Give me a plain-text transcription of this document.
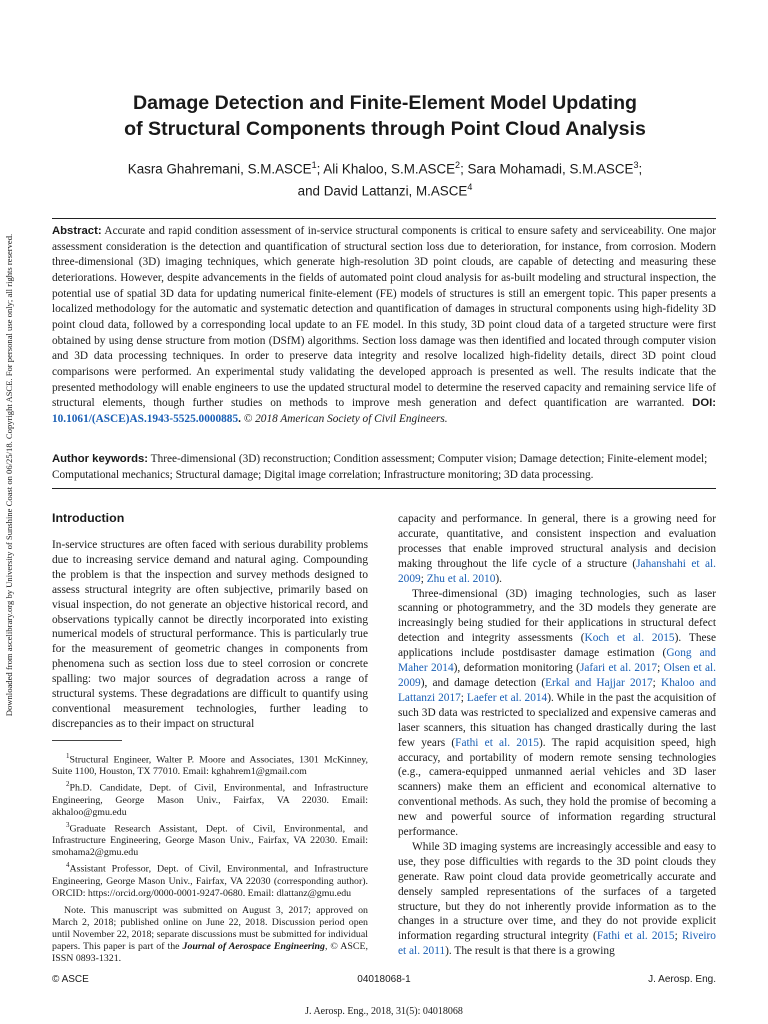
Downloaded from ascelibrary.org by University of Sunshine Coast on 06/25/18. Copyright ASCE. For personal use only; all rights reserved.
Damage Detection and Finite-Element Model Updating
of Structural Components through Point Cloud Analysis
Kasra Ghahremani, S.M.ASCE$^1$; Ali Khaloo, S.M.ASCE$^2$; Sara Mohamadi, S.M.ASCE$^3$;
and David Lattanzi, M.ASCE$^4$
Abstract: Accurate and rapid condition assessment of in-service structural components is critical to ensure safety and serviceability. One major assessment consideration is the detection and quantification of structural section loss due to deterioration, for instance, from corrosion. Modern three-dimensional (3D) imaging techniques, which generate high-resolution 3D point clouds, are capable of detecting and measuring these deteriorations. However, despite advancements in the fields of automated point cloud analysis for as-built modeling and structural inspection, the potential use of spatial 3D data for updating numerical finite-element (FE) models of structures is still an emergent topic. This paper presents a localized methodology for the automatic and systematic detection and quantification of damages in structural components using high-fidelity 3D point cloud data, followed by a corresponding local update to an FE model. In this study, 3D point cloud data of a targeted structure were first obtained by using dense structure from motion (DSfM) algorithms. Section loss damage was then identified and located through computer vision and 3D data processing techniques. In order to preserve data integrity and resolve localized high-fidelity details, direct 3D point cloud comparisons were performed. An experimental study validating the developed approach is presented as well. The results indicate that the presented methodology will enable engineers to use the updated structural model to determine the reserved capacity and remaining service life of structural elements, though further studies on methods to improve mesh generation and defect quantification are warranted. DOI: 10.1061/(ASCE)AS.1943-5525.0000885. © 2018 American Society of Civil Engineers.
Author keywords: Three-dimensional (3D) reconstruction; Condition assessment; Computer vision; Damage detection; Finite-element model; Computational mechanics; Structural damage; Digital image correlation; Infrastructure monitoring; 3D data processing.
Introduction

In-service structures are often faced with serious durability problems due to increasing service demand and natural aging. Compounding the problem is that the inspection and survey methods designed to assess structural integrity are often subjective, primarily based on visual inspection, do not generate an objective historical record, and observations typically cannot be directly incorporated into existing numerical models of structural performance. This is particularly true for the measurement of geometric changes in components from phenomena such as section loss due to steel corrosion or concrete spalling: two major sources of degradation across a range of structural systems. These degradations are difficult to quantify using conventional measurement technologies, further leading to discrepancies as to their impact on structural

$^1$Structural Engineer, Walter P. Moore and Associates, 1301 McKinney, Suite 1100, Houston, TX 77010. Email: kghahrem1@gmail.com

$^2$Ph.D. Candidate, Dept. of Civil, Environmental, and Infrastructure Engineering, George Mason Univ., Fairfax, VA 22030. Email: akhaloo@gmu.edu

$^3$Graduate Research Assistant, Dept. of Civil, Environmental, and Infrastructure Engineering, George Mason Univ., Fairfax, VA 22030. Email: smohama2@gmu.edu

$^4$Assistant Professor, Dept. of Civil, Environmental, and Infrastructure Engineering, George Mason Univ., Fairfax, VA 22030 (corresponding author). ORCID: https://orcid.org/0000-0001-9247-0680. Email: dlattanz@gmu.edu

Note. This manuscript was submitted on August 3, 2017; approved on March 2, 2018; published online on June 22, 2018. Discussion period open until November 22, 2018; separate discussions must be submitted for individual papers. This paper is part of the Journal of Aerospace Engineering, © ASCE, ISSN 0893-1321.

capacity and performance. In general, there is a growing need for accurate, quantitative, and consistent inspection and evaluation processes that enable improved structural analysis and decision making throughout the life cycle of a structure (Jahanshahi et al. 2009; Zhu et al. 2010).

Three-dimensional (3D) imaging technologies, such as laser scanning or photogrammetry, and the 3D models they generate are increasingly being studied for their applications in structural defect detection and integrity assessments (Koch et al. 2015). These applications include postdisaster damage estimation (Gong and Maher 2014), deformation monitoring (Jafari et al. 2017; Olsen et al. 2009), and damage detection (Erkal and Hajjar 2017; Khaloo and Lattanzi 2017; Laefer et al. 2014). While in the past the acquisition of such 3D data was restricted to specialized and expensive cameras and laser scanners, this situation has changed drastically during the last few years (Fathi et al. 2015). The rapid acquisition speed, high accuracy, and portability of modern remote sensing technologies (e.g., camera-equipped unmanned aerial vehicles and 3D laser scanners) make them an efficient and economical alternative to conventional methods. As such, they hold the promise of becoming a new and powerful source of information regarding structural performance.

While 3D imaging systems are increasingly accessible and easy to use, they pose difficulties with regards to the 3D point clouds they generate. Raw point cloud data provide geometrically accurate and densely sampled representations of the surfaces of a targeted structure, but they do not inherently provide information as to the changes in a structure over time, and they do not provide explicit information regarding structural integrity (Fathi et al. 2015; Riveiro et al. 2011). The result is that there is a growing

© ASCE	04018068-1	J. Aerosp. Eng.
J. Aerosp. Eng., 2018, 31(5): 04018068
